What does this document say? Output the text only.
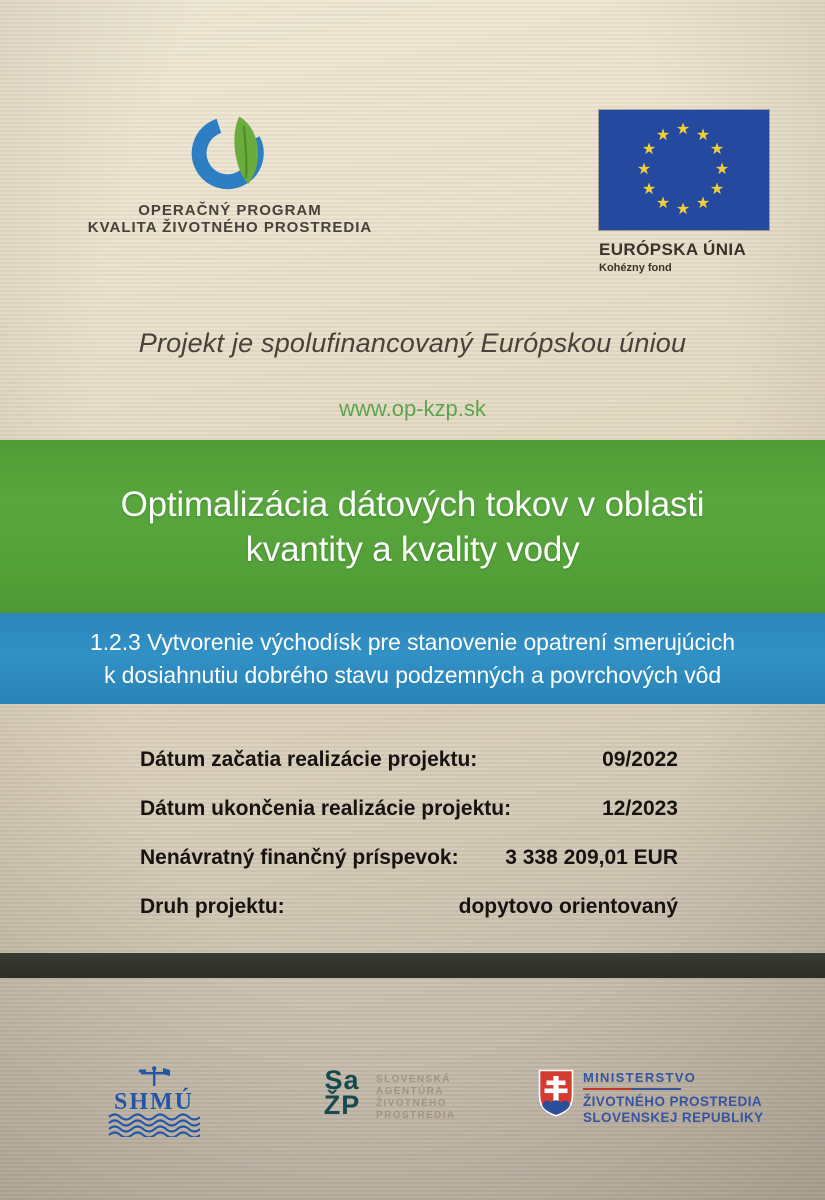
OPERAČNÝ PROGRAM
KVALITA ŽIVOTNÉHO PROSTREDIA
★
★
★
★
★
★
★
★
★
★
★
★
EURÓPSKA ÚNIA
Kohézny fond
Projekt je spolufinancovaný Európskou úniou
www.op-kzp.sk
Optimalizácia dátových tokov v oblasti
kvantity a kvality vody
1.2.3 Vytvorenie východísk pre stanovenie opatrení smerujúcich
k dosiahnutiu dobrého stavu podzemných a povrchových vôd
Dátum začatia realizácie projektu:	09/2022
Dátum ukončenia realizácie projektu:	12/2023
Nenávratný finančný príspevok: 3 338 209,01 EUR
Druh projektu:	dopytovo orientovaný
SHMÚ
Sa
ŽP
SLOVENSKÁ
AGENTÚRA
ŽIVOTNÉHO
PROSTREDIA
MINISTERSTVO
ŽIVOTNÉHO PROSTREDIA
SLOVENSKEJ REPUBLIKY
